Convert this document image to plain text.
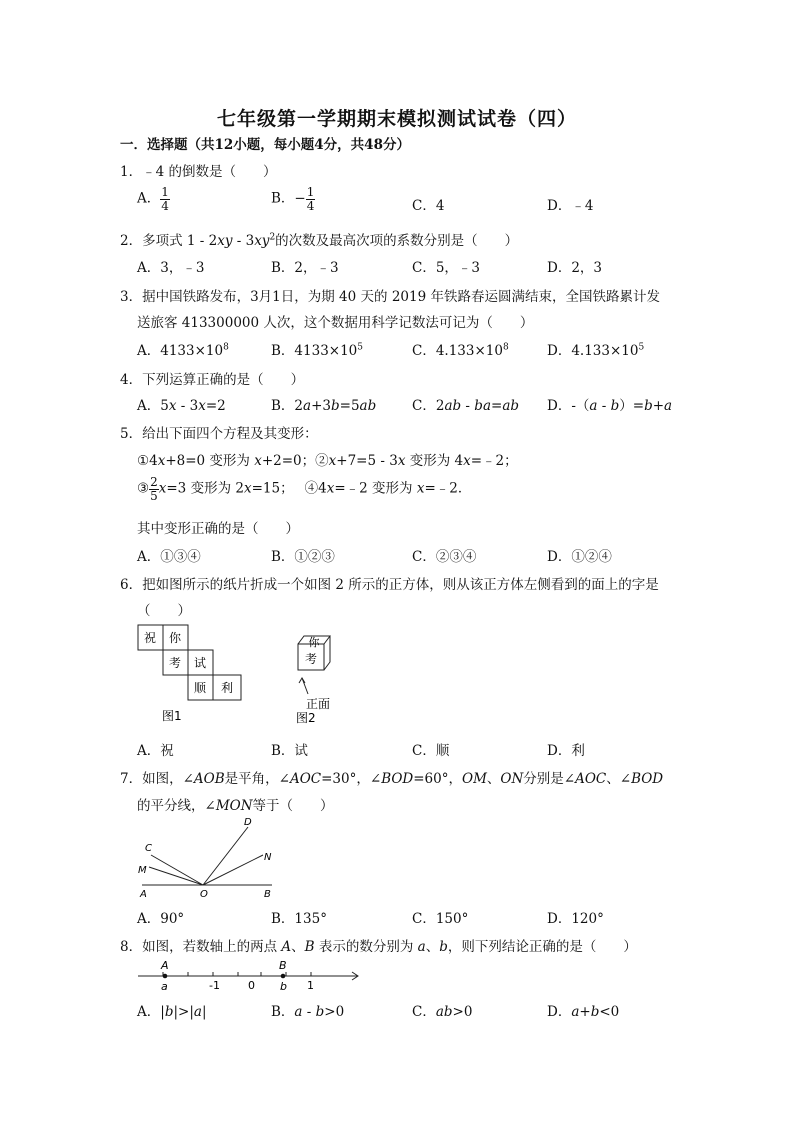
七年级第一学期期末模拟测试试卷（四）
一．选择题（共12小题，每小题4分，共48分）
1．﹣4 的倒数是（　　）
A． $\frac{1}{4}$	B．− $\frac{1}{4}$	C．4	D．﹣4
2．多项式 $1 - 2xy - 3xy^2$的次数及最高次项的系数分别是（　　）
A．3，﹣3	B．2，﹣3	C．5，﹣3	D．2，3
3．据中国铁路发布，3月1日，为期 40 天的 2019 年铁路春运圆满结束，全国铁路累计发
送旅客 413300000 人次，这个数据用科学记数法可记为（　　）
A．$4133\times 10^8$	B．$4133\times 10^5$	C．$4.133\times 10^8$	D．$4.133\times 10^5$
4．下列运算正确的是（　　）
A．5x - 3x=2	B．2a+3b=5ab	C．2ab - ba=ab D．-（a - b）=b+a
5．给出下面四个方程及其变形：
①4x+8=0 变形为 x+2=0；②x+7=5 - 3x 变形为 4x=﹣2；
③ $\frac{2}{5} x=3$ 变形为 2x=15；　 ④4x=﹣2 变形为 x=﹣2．
其中变形正确的是（　　）
A．①③④	B．①②③	C．②③④	D．①②④
6．把如图所示的纸片折成一个如图 2 所示的正方体，则从该正方体左侧看到的面上的字是
（　　）
祝 你
考 试
顺 利
图1
你
考
正面
图2
A．祝	B．试	C．顺	D．利
7．如图，∠AOB是平角，∠AOC=30°，∠BOD=60°，OM、ON分别是∠AOC、∠BOD
的平分线，∠MON等于（　　）
C
M
A	O
D
N
B
A．90°	B．135°	C．150°	D．120°
8．如图，若数轴上的两点 A、B 表示的数分别为 a、b，则下列结论正确的是（　　）
A
a	-1	0
B
b 1
A．|b|>|a|	B．a - b>0	C．ab>0	D．a+b<0
